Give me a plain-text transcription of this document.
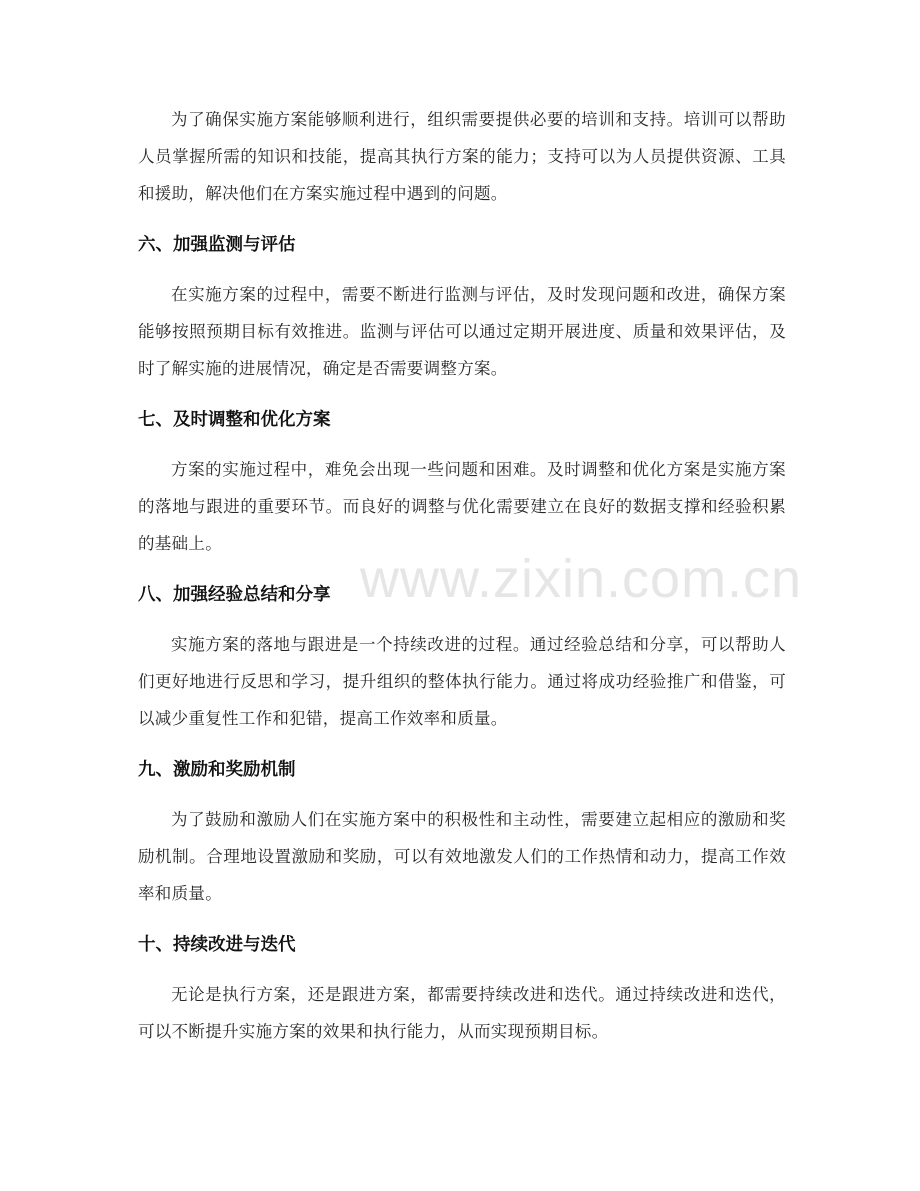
www.zixin.com.cn

为了确保实施方案能够顺利进行，组织需要提供必要的培训和支持。培训可以帮助人员掌握所需的知识和技能，提高其执行方案的能力；支持可以为人员提供资源、工具和援助，解决他们在方案实施过程中遇到的问题。

六、加强监测与评估

在实施方案的过程中，需要不断进行监测与评估，及时发现问题和改进，确保方案能够按照预期目标有效推进。监测与评估可以通过定期开展进度、质量和效果评估，及时了解实施的进展情况，确定是否需要调整方案。

七、及时调整和优化方案

方案的实施过程中，难免会出现一些问题和困难。及时调整和优化方案是实施方案的落地与跟进的重要环节。而良好的调整与优化需要建立在良好的数据支撑和经验积累的基础上。

八、加强经验总结和分享

实施方案的落地与跟进是一个持续改进的过程。通过经验总结和分享，可以帮助人们更好地进行反思和学习，提升组织的整体执行能力。通过将成功经验推广和借鉴，可以减少重复性工作和犯错，提高工作效率和质量。

九、激励和奖励机制

为了鼓励和激励人们在实施方案中的积极性和主动性，需要建立起相应的激励和奖励机制。合理地设置激励和奖励，可以有效地激发人们的工作热情和动力，提高工作效率和质量。

十、持续改进与迭代

无论是执行方案，还是跟进方案，都需要持续改进和迭代。通过持续改进和迭代，可以不断提升实施方案的效果和执行能力，从而实现预期目标。
